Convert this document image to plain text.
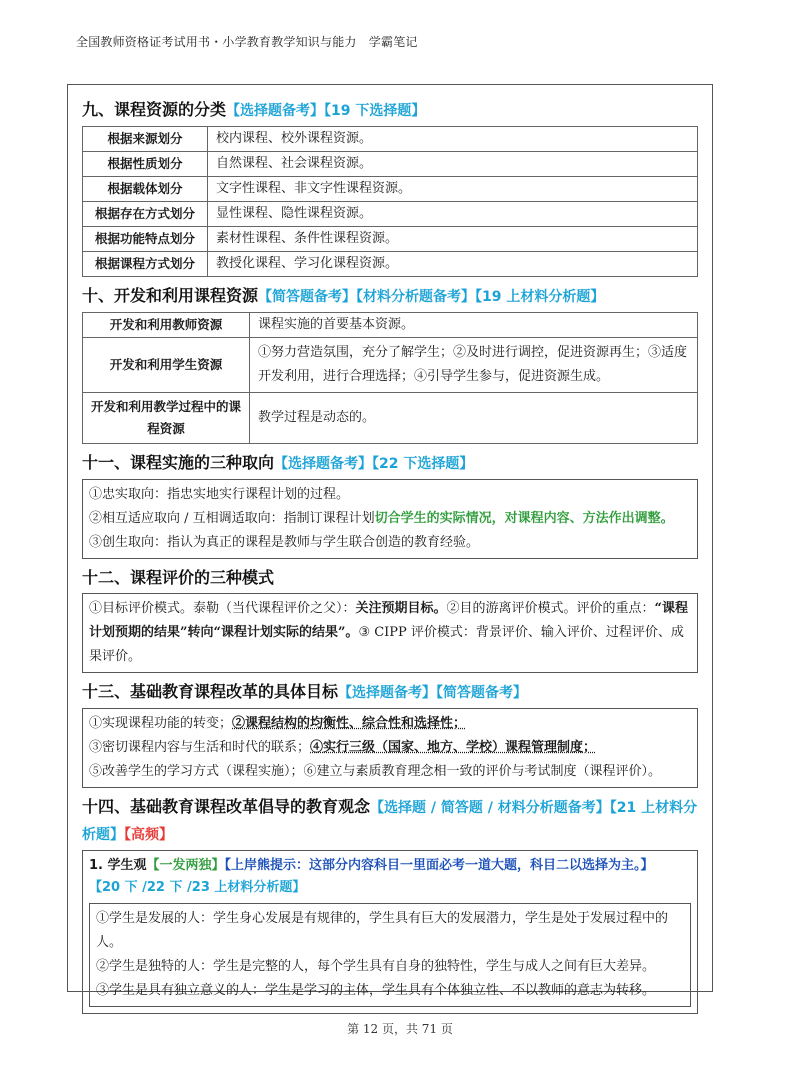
全国教师资格证考试用书・小学教育教学知识与能力　学霸笔记
九、课程资源的分类【选择题备考】【19 下选择题】
根据来源划分	校内课程、校外课程资源。
根据性质划分	自然课程、社会课程资源。
根据载体划分	文字性课程、非文字性课程资源。
根据存在方式划分	显性课程、隐性课程资源。
根据功能特点划分	素材性课程、条件性课程资源。
根据课程方式划分	教授化课程、学习化课程资源。
十、开发和利用课程资源【简答题备考】【材料分析题备考】【19 上材料分析题】
开发和利用教师资源	课程实施的首要基本资源。
开发和利用学生资源	①努力营造氛围，充分了解学生；②及时进行调控，促进资源再生；③适度开发利用，进行合理选择；④引导学生参与，促进资源生成。
开发和利用教学过程中的课程资源	教学过程是动态的。
十一、课程实施的三种取向【选择题备考】【22 下选择题】

①忠实取向：指忠实地实行课程计划的过程。

②相互适应取向 / 互相调适取向：指制订课程计划切合学生的实际情况，对课程内容、方法作出调整。

③创生取向：指认为真正的课程是教师与学生联合创造的教育经验。

十二、课程评价的三种模式

①目标评价模式。泰勒（当代课程评价之父）：关注预期目标。②目的游离评价模式。评价的重点：“课程计划预期的结果”转向“课程计划实际的结果”。③ CIPP 评价模式：背景评价、输入评价、过程评价、成果评价。

十三、基础教育课程改革的具体目标【选择题备考】【简答题备考】

①实现课程功能的转变；②课程结构的均衡性、综合性和选择性；

③密切课程内容与生活和时代的联系；④实行三级（国家、地方、学校）课程管理制度；

⑤改善学生的学习方式（课程实施）；⑥建立与素质教育理念相一致的评价与考试制度（课程评价）。

十四、基础教育课程改革倡导的教育观念【选择题 / 简答题 / 材料分析题备考】【21 上材料分析题】【高频】
1. 学生观【一发两独】【上岸熊提示：这部分内容科目一里面必考一道大题，科目二以选择为主。】
【20 下 /22 下 /23 上材料分析题】

①学生是发展的人：学生身心发展是有规律的，学生具有巨大的发展潜力，学生是处于发展过程中的人。

②学生是独特的人：学生是完整的人，每个学生具有自身的独特性，学生与成人之间有巨大差异。

③学生是具有独立意义的人：学生是学习的主体，学生具有个体独立性、不以教师的意志为转移。

第 12 页，共 71 页
